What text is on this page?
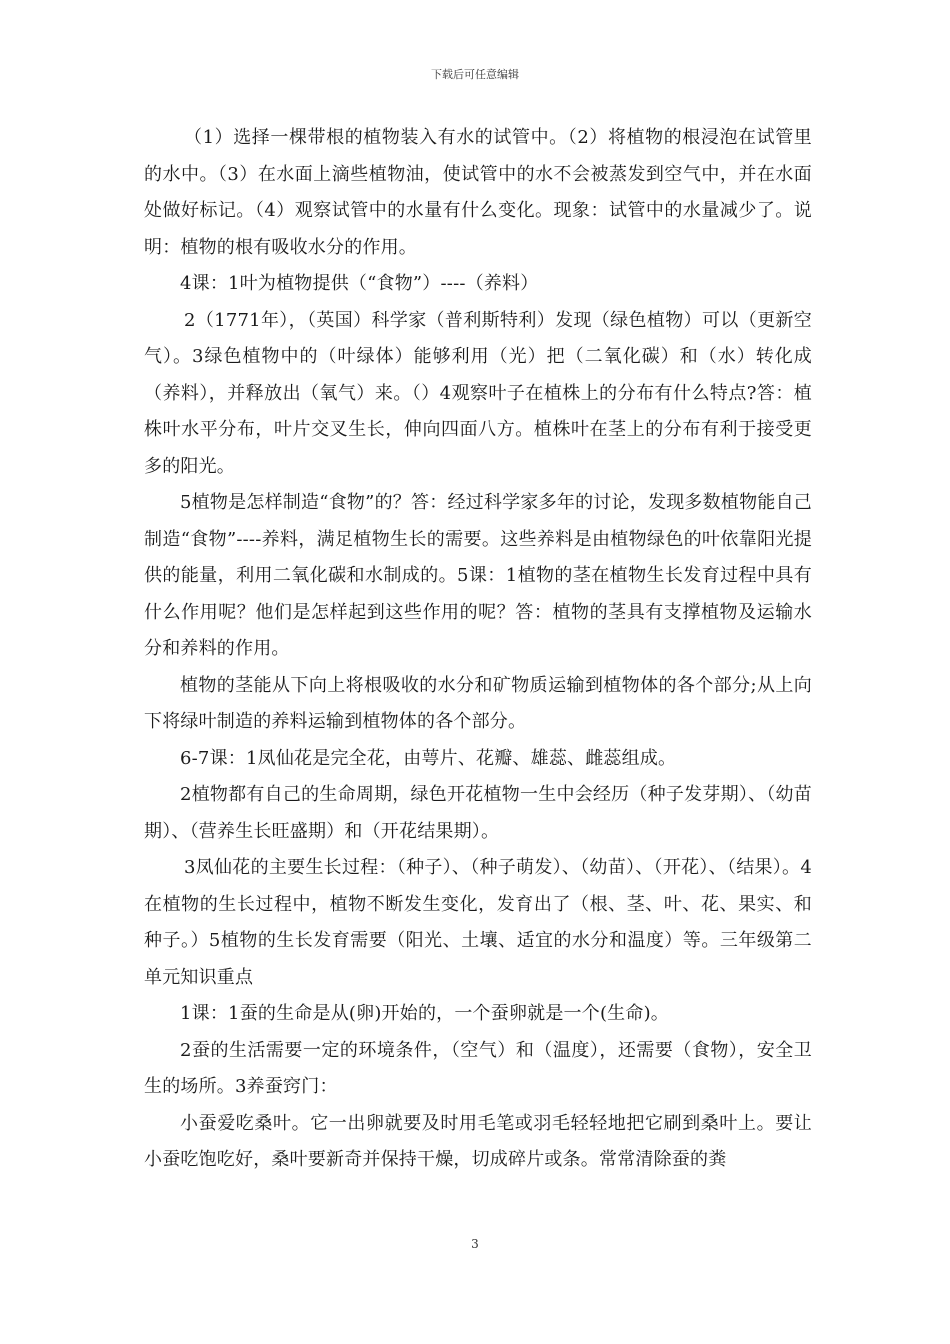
下载后可任意编辑

（1）选择一棵带根的植物装入有水的试管中。（2）将植物的根浸泡在试管里的水中。（3）在水面上滴些植物油，使试管中的水不会被蒸发到空气中，并在水面处做好标记。（4）观察试管中的水量有什么变化。现象：试管中的水量减少了。说明：植物的根有吸收水分的作用。

4课：1叶为植物提供（“食物”）----（养料）

2（1771年），（英国）科学家（普利斯特利）发现（绿色植物）可以（更新空气）。3绿色植物中的（叶绿体）能够利用（光）把（二氧化碳）和（水）转化成（养料），并释放出（氧气）来。（）4观察叶子在植株上的分布有什么特点?答：植株叶水平分布，叶片交叉生长，伸向四面八方。植株叶在茎上的分布有利于接受更多的阳光。

5植物是怎样制造“食物”的？答：经过科学家多年的讨论，发现多数植物能自己制造“食物”----养料，满足植物生长的需要。这些养料是由植物绿色的叶依靠阳光提供的能量，利用二氧化碳和水制成的。5课：1植物的茎在植物生长发育过程中具有什么作用呢？他们是怎样起到这些作用的呢？答：植物的茎具有支撑植物及运输水分和养料的作用。

植物的茎能从下向上将根吸收的水分和矿物质运输到植物体的各个部分;从上向下将绿叶制造的养料运输到植物体的各个部分。

6-7课：1凤仙花是完全花，由萼片、花瓣、雄蕊、雌蕊组成。

2植物都有自己的生命周期，绿色开花植物一生中会经历（种子发芽期）、（幼苗期）、（营养生长旺盛期）和（开花结果期）。

3凤仙花的主要生长过程：（种子）、（种子萌发）、（幼苗）、（开花）、（结果）。4在植物的生长过程中，植物不断发生变化，发育出了（根、茎、叶、花、果实、和种子。）5植物的生长发育需要（阳光、土壤、适宜的水分和温度）等。三年级第二单元知识重点

1课：1蚕的生命是从(卵)开始的，一个蚕卵就是一个(生命)。

2蚕的生活需要一定的环境条件，（空气）和（温度），还需要（食物），安全卫生的场所。3养蚕窍门：

小蚕爱吃桑叶。它一出卵就要及时用毛笔或羽毛轻轻地把它刷到桑叶上。要让小蚕吃饱吃好，桑叶要新奇并保持干燥，切成碎片或条。常常清除蚕的粪

3
